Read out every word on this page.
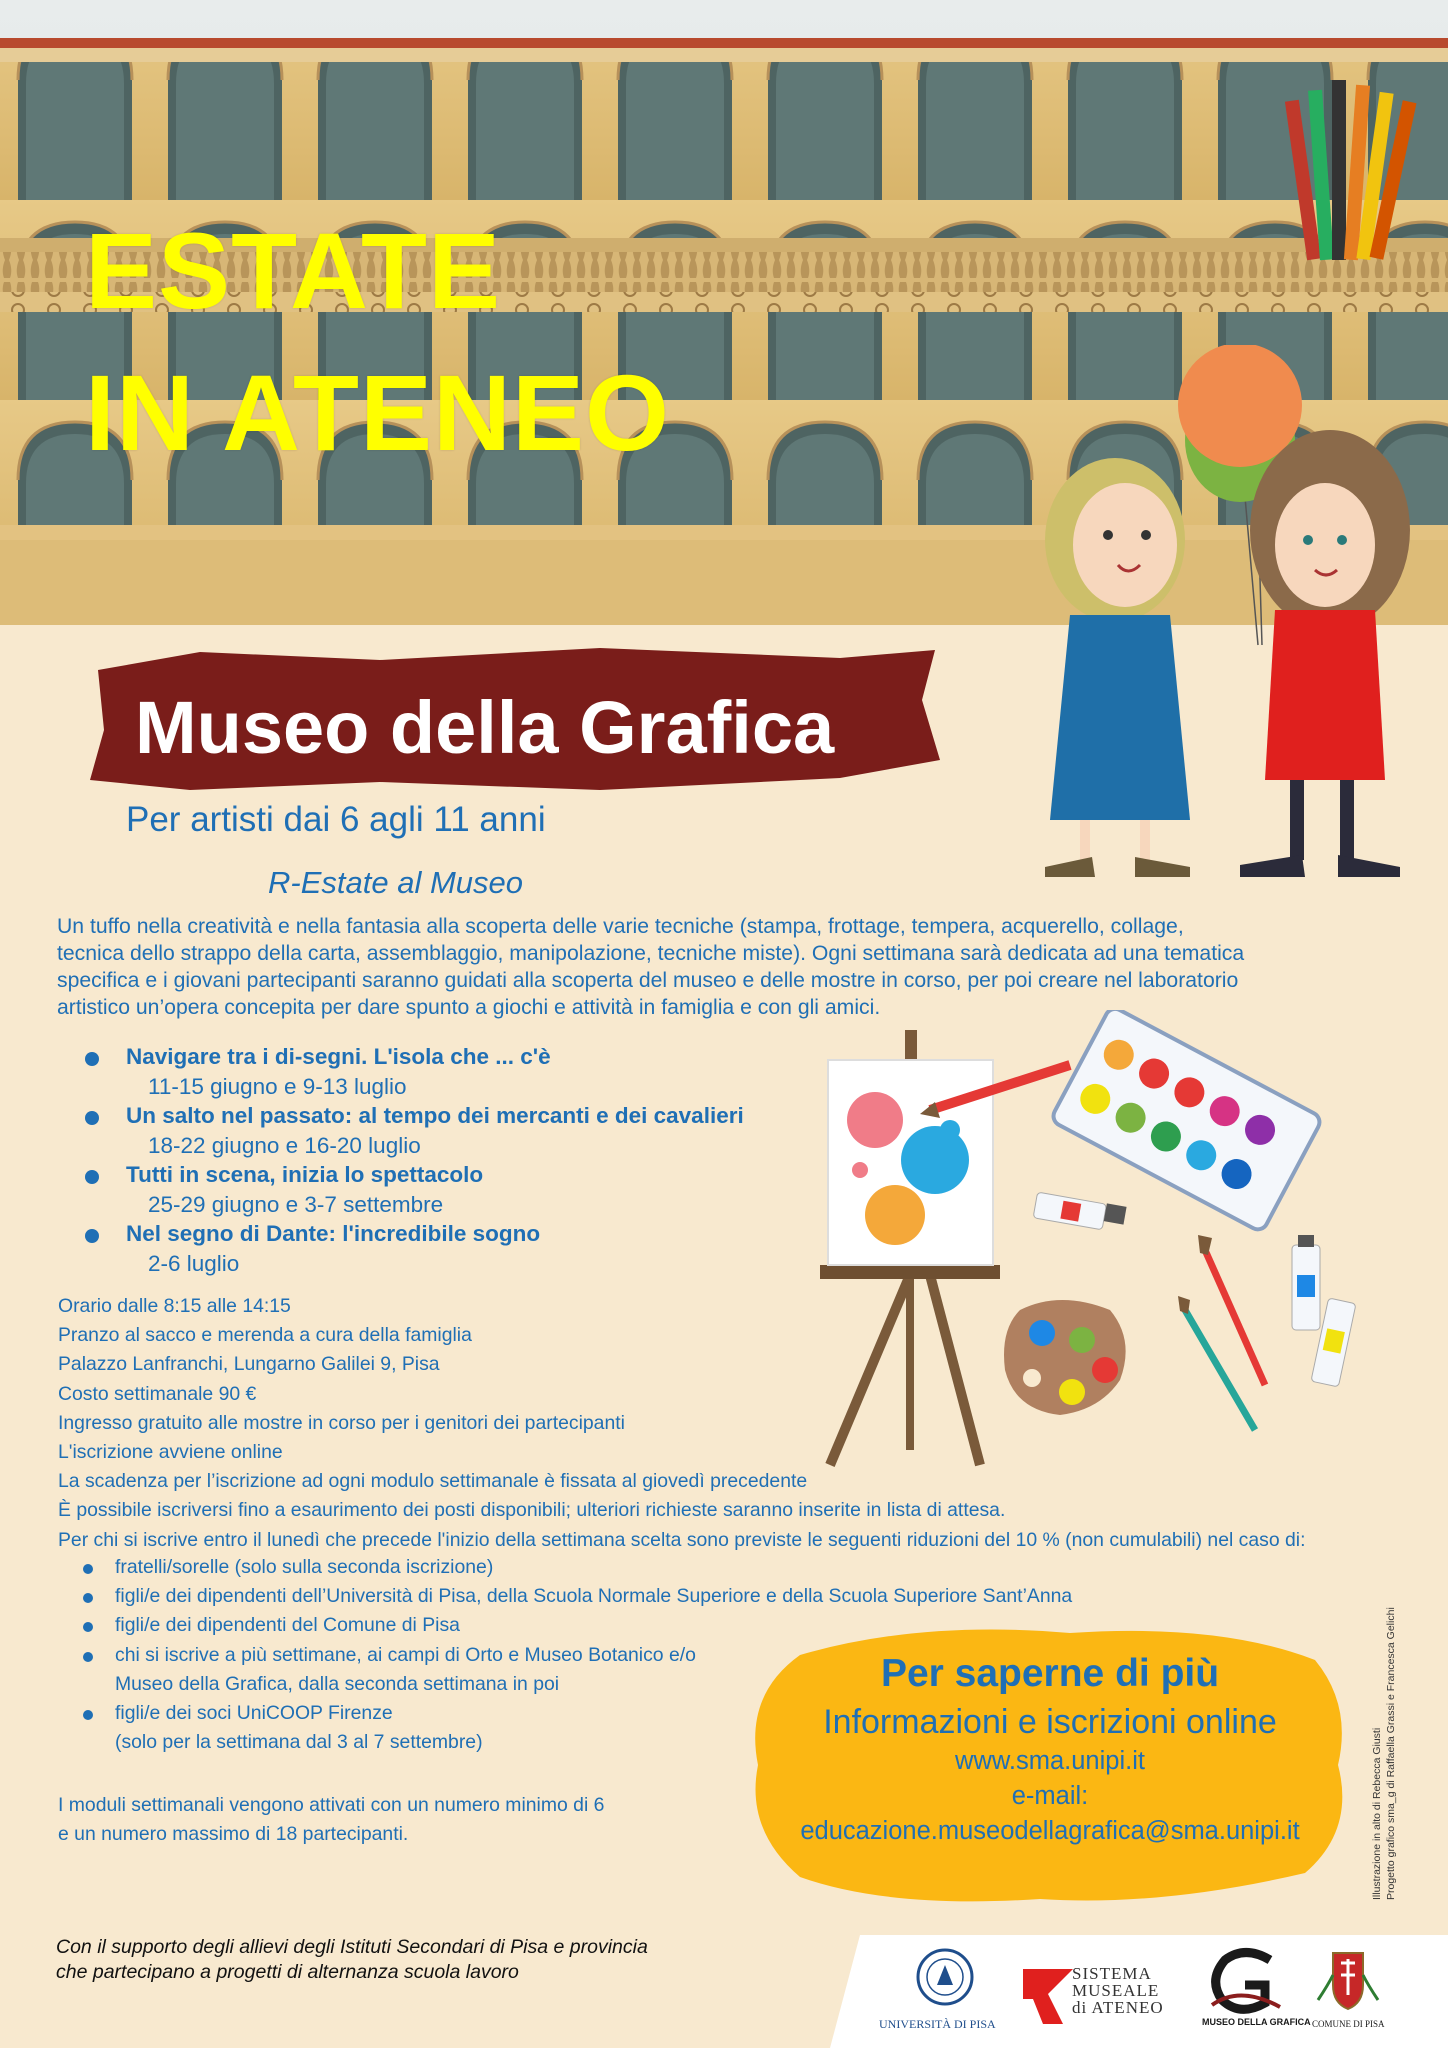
ESTATE
IN ATENEO
Museo della Grafica
Per artisti dai 6 agli 11 anni
R-Estate al Museo

Un tuffo nella creatività e nella fantasia alla scoperta delle varie tecniche (stampa, frottage, tempera, acquerello, collage,

tecnica dello strappo della carta, assemblaggio, manipolazione, tecniche miste). Ogni settimana sarà dedicata ad una tematica

specifica e i giovani partecipanti saranno guidati alla scoperta del museo e delle mostre in corso, per poi creare nel laboratorio

artistico un’opera concepita per dare spunto a giochi e attività in famiglia e con gli amici.

Navigare tra i di-segni. L'isola che ... c'è
11-15 giugno e 9-13 luglio
Un salto nel passato: al tempo dei mercanti e dei cavalieri
18-22 giugno e 16-20 luglio
Tutti in scena, inizia lo spettacolo
25-29 giugno e 3-7 settembre
Nel segno di Dante: l'incredibile sogno
2-6 luglio
Orario dalle 8:15 alle 14:15
Pranzo al sacco e merenda a cura della famiglia
Palazzo Lanfranchi, Lungarno Galilei 9, Pisa
Costo settimanale 90 €
Ingresso gratuito alle mostre in corso per i genitori dei partecipanti
L'iscrizione avviene online
La scadenza per l’iscrizione ad ogni modulo settimanale è fissata al giovedì precedente
È possibile iscriversi fino a esaurimento dei posti disponibili; ulteriori richieste saranno inserite in lista di attesa.
Per chi si iscrive entro il lunedì che precede l'inizio della settimana scelta sono previste le seguenti riduzioni del 10 % (non cumulabili) nel caso di:
fratelli/sorelle (solo sulla seconda iscrizione)
figli/e dei dipendenti dell’Università di Pisa, della Scuola Normale Superiore e della Scuola Superiore Sant’Anna
figli/e dei dipendenti del Comune di Pisa
chi si iscrive a più settimane, ai campi di Orto e Museo Botanico e/o
Museo della Grafica, dalla seconda settimana in poi
figli/e dei soci UniCOOP Firenze
(solo per la settimana dal 3 al 7 settembre)
I moduli settimanali vengono attivati con un numero minimo di 6
e un numero massimo di 18 partecipanti.
Per saperne di più
Informazioni e iscrizioni online
www.sma.unipi.it
e-mail:
educazione.museodellagrafica@sma.unipi.it	Illustrazione in alto di Rebecca Giusti Progetto grafico sma_g di Raffaella Grassi e Francesca Gelichi
Con il supporto degli allievi degli Istituti Secondari di Pisa e provincia
che partecipano a progetti di alternanza scuola lavoro
UNIVERSITÀ DI PISA
SISTEMA
MUSEALE
di ATENEO
MUSEO DELLA GRAFICA COMUNE DI PISA
